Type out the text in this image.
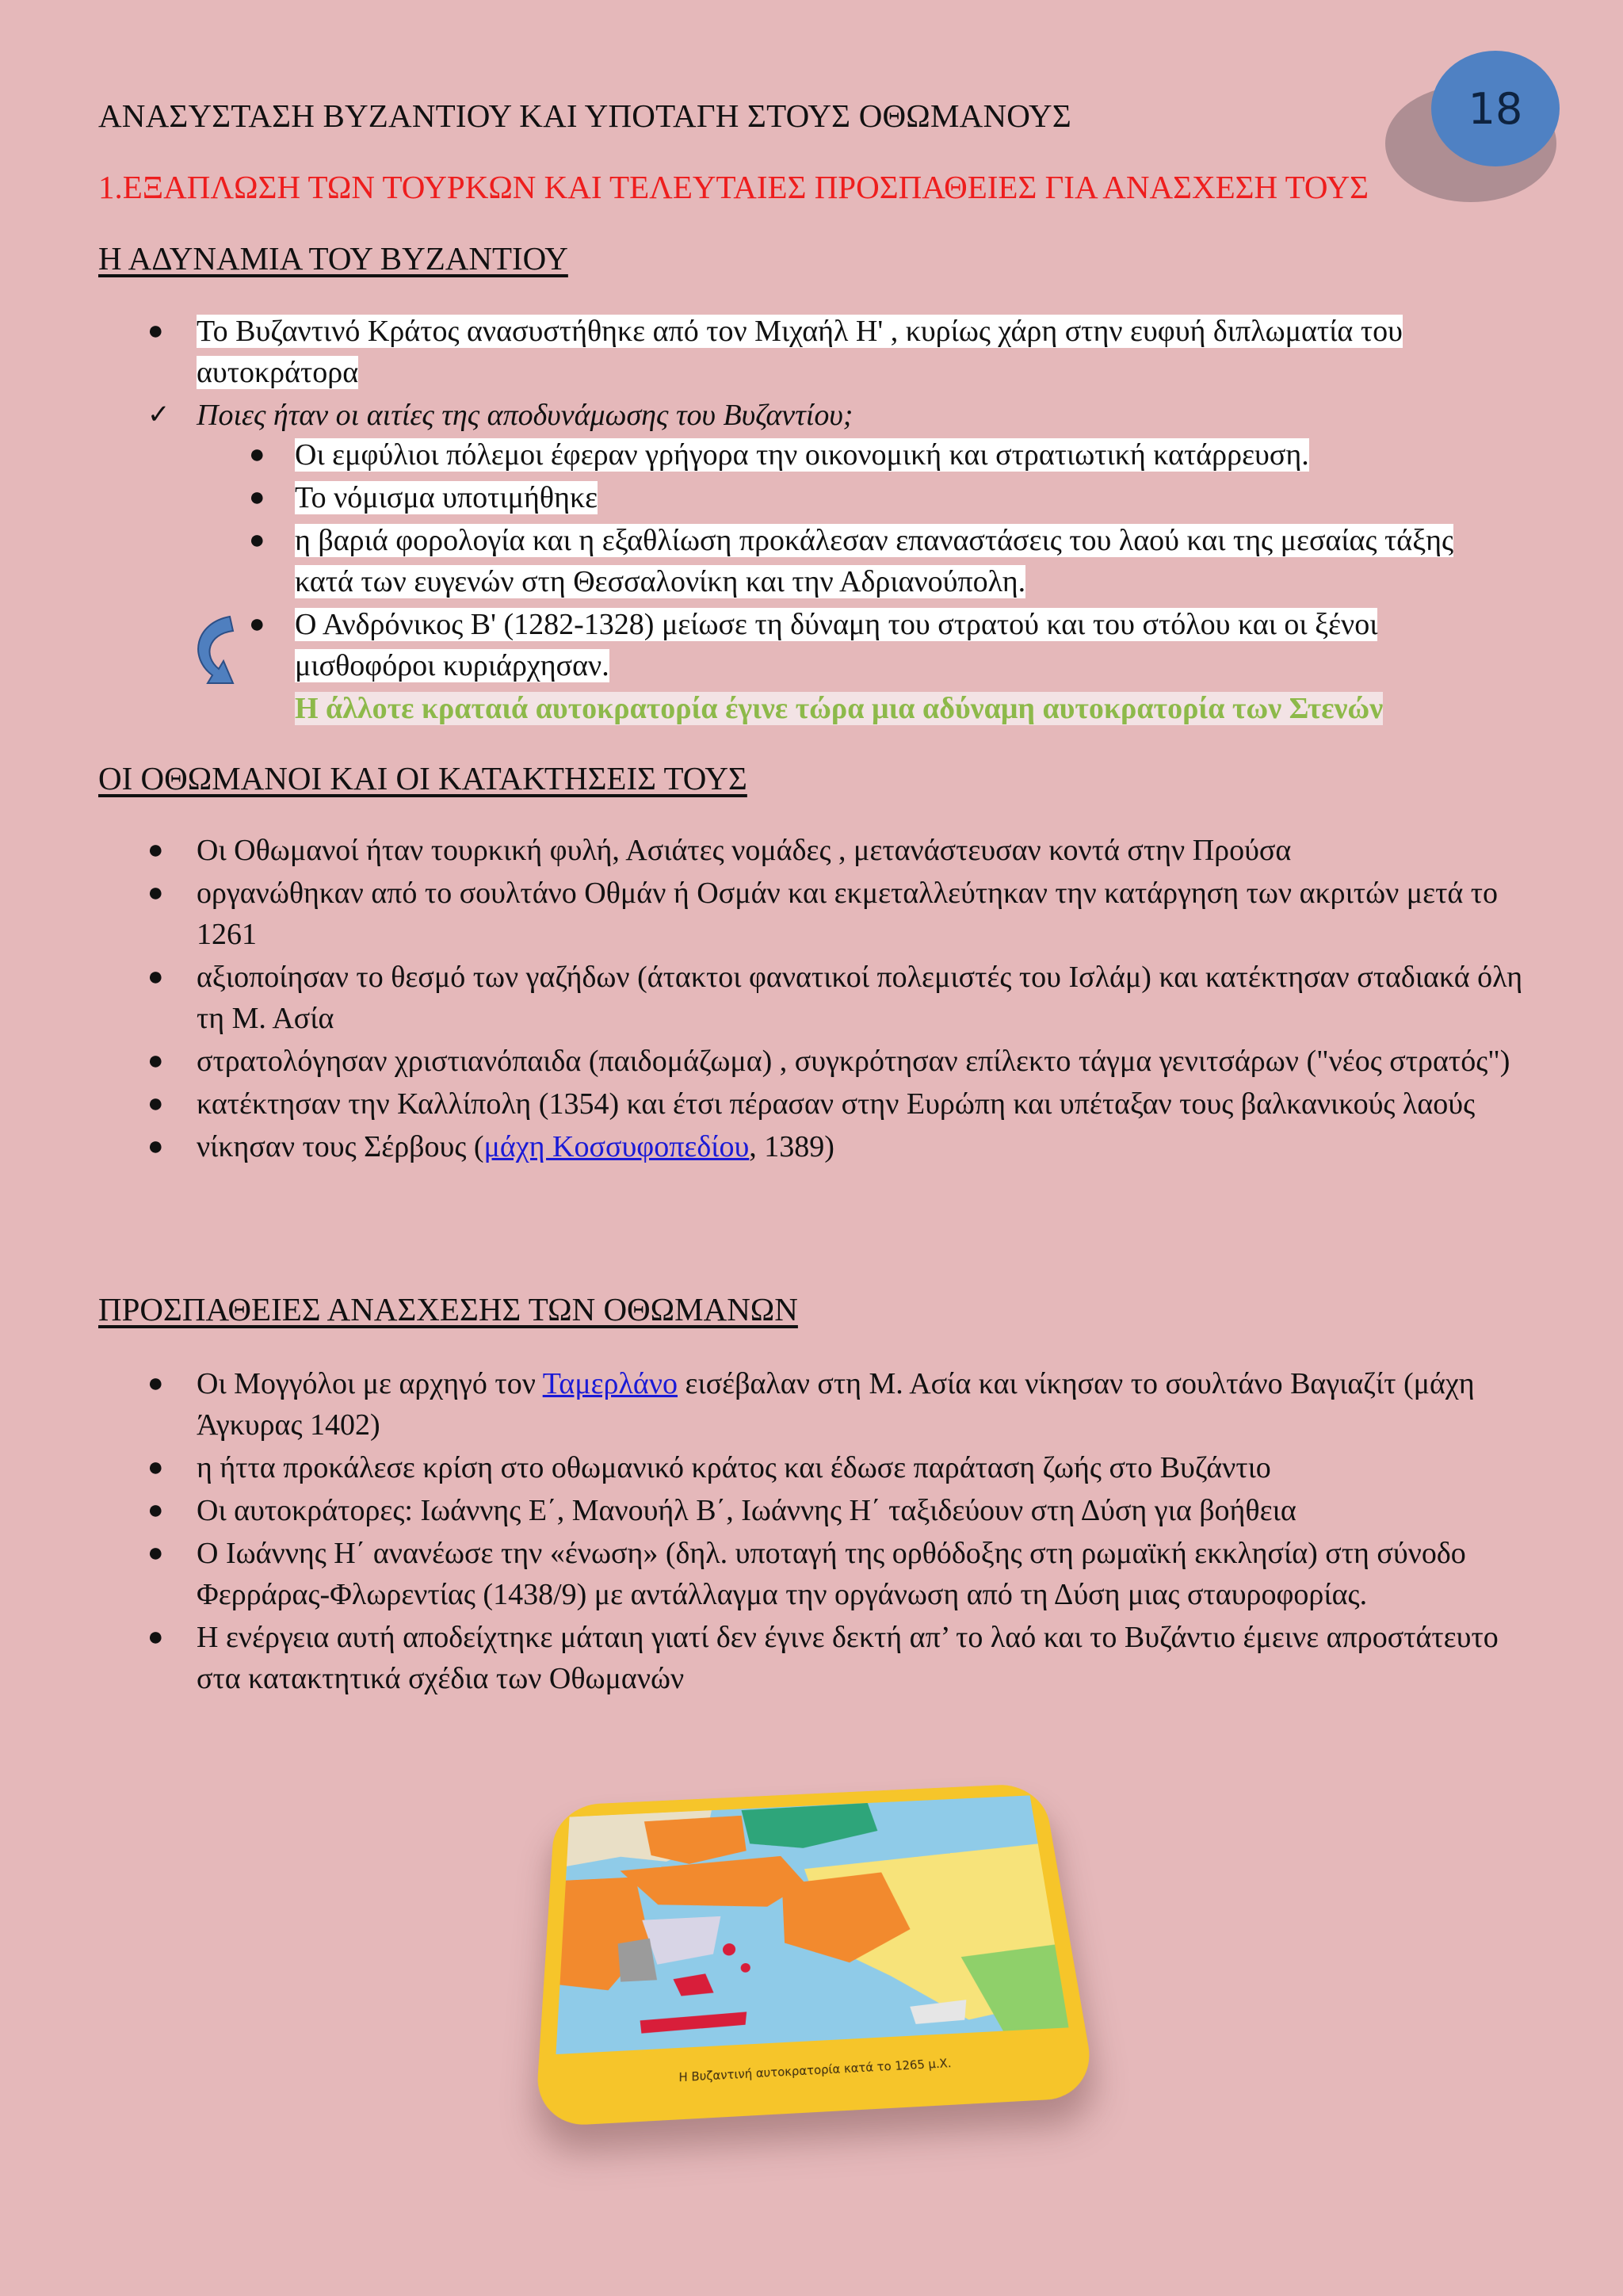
18
ΑΝΑΣΥΣΤΑΣΗ ΒΥΖΑΝΤΙΟΥ ΚΑΙ ΥΠΟΤΑΓΗ ΣΤΟΥΣ ΟΘΩΜΑΝΟΥΣ
1.ΕΞΑΠΛΩΣΗ ΤΩΝ ΤΟΥΡΚΩΝ ΚΑΙ ΤΕΛΕΥΤΑΙΕΣ ΠΡΟΣΠΑΘΕΙΕΣ ΓΙΑ ΑΝΑΣΧΕΣΗ ΤΟΥΣ
Η ΑΔΥΝΑΜΙΑ ΤΟΥ ΒΥΖΑΝΤΙΟΥ
● Το Βυζαντινό Κράτος ανασυστήθηκε από τον Μιχαήλ Η' , κυρίως χάρη στην ευφυή διπλωματία του αυτοκράτορα
✓ Ποιες ήταν οι αιτίες της αποδυνάμωσης του Βυζαντίου;
● Οι εμφύλιοι πόλεμοι έφεραν γρήγορα την οικονομική και στρατιωτική κατάρρευση.
● Το νόμισμα υποτιμήθηκε
● η βαριά φορολογία και η εξαθλίωση προκάλεσαν επαναστάσεις του λαού και της μεσαίας τάξης κατά των ευγενών στη Θεσσαλονίκη και την Αδριανούπολη.
● Ο Ανδρόνικος Β' (1282-1328) μείωσε τη δύναμη του στρατού και του στόλου και οι ξένοι μισθοφόροι κυριάρχησαν.
Η άλλοτε κραταιά αυτοκρατορία έγινε τώρα μια αδύναμη αυτοκρατορία των Στενών
ΟΙ ΟΘΩΜΑΝΟΙ ΚΑΙ ΟΙ ΚΑΤΑΚΤΗΣΕΙΣ ΤΟΥΣ
● Οι Οθωμανοί ήταν τουρκική φυλή, Ασιάτες νομάδες , μετανάστευσαν κοντά στην Προύσα
● οργανώθηκαν από το σουλτάνο Οθμάν ή Οσμάν και εκμεταλλεύτηκαν την κατάργηση των ακριτών μετά το 1261
● αξιοποίησαν το θεσμό των γαζήδων (άτακτοι φανατικοί πολεμιστές του Ισλάμ) και κατέκτησαν σταδιακά όλη τη Μ. Ασία
● στρατολόγησαν χριστιανόπαιδα (παιδομάζωμα) , συγκρότησαν επίλεκτο τάγμα γενιτσάρων ("νέος στρατός")
● κατέκτησαν την Καλλίπολη (1354) και έτσι πέρασαν στην Ευρώπη και υπέταξαν τους βαλκανικούς λαούς
● νίκησαν τους Σέρβους (μάχη Κοσσυφοπεδίου, 1389)
ΠΡΟΣΠΑΘΕΙΕΣ ΑΝΑΣΧΕΣΗΣ ΤΩΝ ΟΘΩΜΑΝΩΝ
● Οι Μογγόλοι με αρχηγό τον Ταμερλάνο εισέβαλαν στη Μ. Ασία και νίκησαν το σουλτάνο Βαγιαζίτ (μάχη Άγκυρας 1402)
● η ήττα προκάλεσε κρίση στο οθωμανικό κράτος και έδωσε παράταση ζωής στο Βυζάντιο
● Οι αυτοκράτορες: Ιωάννης Ε΄, Μανουήλ Β΄, Ιωάννης Η΄ ταξιδεύουν στη Δύση για βοήθεια
● Ο Ιωάννης Η΄ ανανέωσε την «ένωση» (δηλ. υποταγή της ορθόδοξης στη ρωμαϊκή εκκλησία) στη σύνοδο Φερράρας-Φλωρεντίας (1438/9) με αντάλλαγμα την οργάνωση από τη Δύση μιας σταυροφορίας.
● Η ενέργεια αυτή αποδείχτηκε μάταιη γιατί δεν έγινε δεκτή απ’ το λαό και το Βυζάντιο έμεινε απροστάτευτο στα κατακτητικά σχέδια των Οθωμανών
Η Βυζαντινή αυτοκρατορία κατά το 1265 μ.Χ.
